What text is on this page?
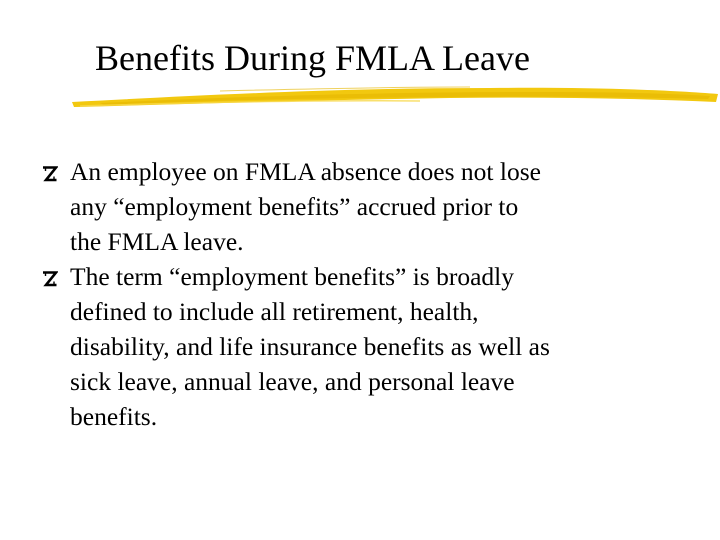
Benefits During FMLA Leave
An employee on FMLA absence does not lose
any “employment benefits” accrued prior to
the FMLA leave.
The term “employment benefits” is broadly
defined to include all retirement, health,
disability, and life insurance benefits as well as
sick leave, annual leave, and personal leave
benefits.
